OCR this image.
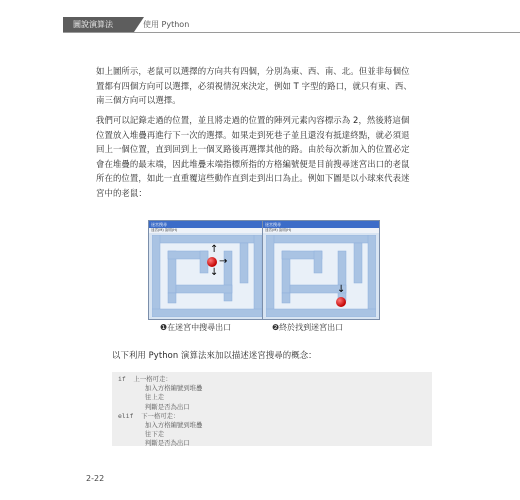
圖說演算法	使用 Python
如上圖所示，老鼠可以選擇的方向共有四個，分別為東、西、南、北。但並非每個位置都有四個方向可以選擇，必須視情況來決定，例如 T 字型的路口，就只有東、西、南三個方向可以選擇。
我們可以記錄走過的位置，並且將走過的位置的陣列元素內容標示為 2，然後將這個位置放入堆疊再進行下一次的選擇。如果走到死巷子並且還沒有抵達終點，就必須退回上一個位置，直到回到上一個叉路後再選擇其他的路。由於每次新加入的位置必定會在堆疊的最末端，因此堆疊末端指標所指的方格編號便是目前搜尋迷宮出口的老鼠所在的位置，如此一直重覆這些動作直到走到出口為止。例如下圖是以小球來代表迷宮中的老鼠：
迷宮搜尋
迷宮(M) 說明(H)
↑
↓
→
迷宮搜尋
迷宮(M) 說明(H)
↓
❶在迷宮中搜尋出口	❷終於找到迷宮出口
以下利用 Python 演算法來加以描述迷宮搜尋的概念：
if  上一格可走：
加入方格編號到堆疊
往上走
判斷是否為出口
elif  下一格可走：
加入方格編號到堆疊
往下走
判斷是否為出口
2-22
